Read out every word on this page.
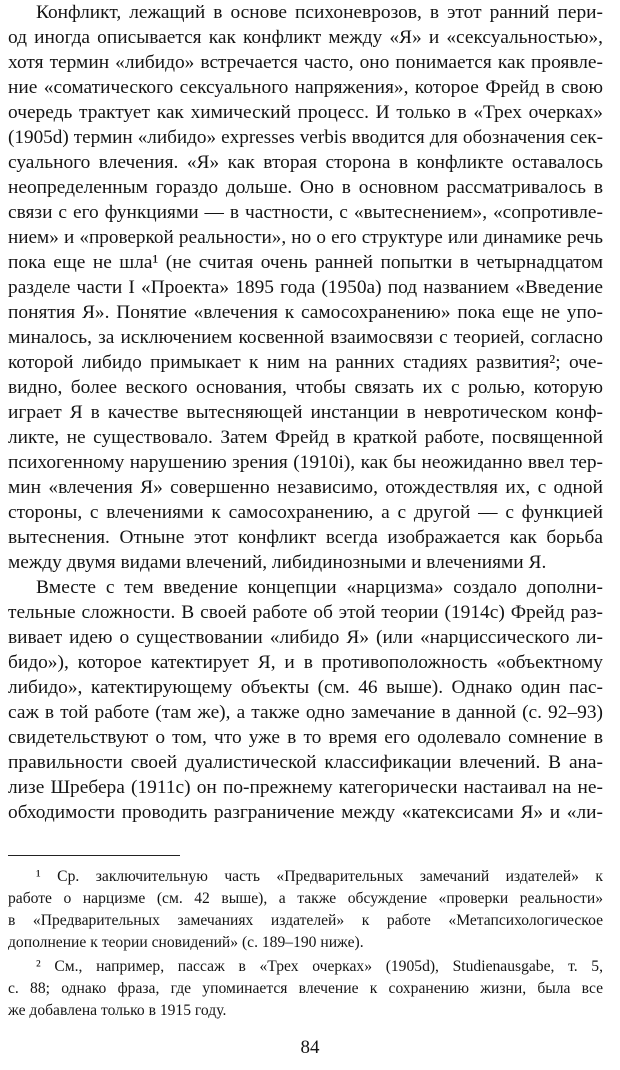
Конфликт, лежащий в основе психоневрозов, в этот ранний пери-
од иногда описывается как конфликт между «Я» и «сексуальностью»,
хотя термин «либидо» встречается часто, оно понимается как проявле-
ние «соматического сексуального напряжения», которое Фрейд в свою
очередь трактует как химический процесс. И только в «Трех очерках»
(1905d) термин «либидо» expresses verbis вводится для обозначения сек-
суального влечения. «Я» как вторая сторона в конфликте оставалось
неопределенным гораздо дольше. Оно в основном рассматривалось в
связи с его функциями — в частности, с «вытеснением», «сопротивле-
нием» и «проверкой реальности», но о его структуре или динамике речь
пока еще не шла¹ (не считая очень ранней попытки в четырнадцатом
разделе части I «Проекта» 1895 года (1950a) под названием «Введение
понятия Я». Понятие «влечения к самосохранению» пока еще не упо-
миналось, за исключением косвенной взаимосвязи с теорией, согласно
которой либидо примыкает к ним на ранних стадиях развития²; оче-
видно, более веского основания, чтобы связать их с ролью, которую
играет Я в качестве вытесняющей инстанции в невротическом конф-
ликте, не существовало. Затем Фрейд в краткой работе, посвященной
психогенному нарушению зрения (1910i), как бы неожиданно ввел тер-
мин «влечения Я» совершенно независимо, отождествляя их, с одной
стороны, с влечениями к самосохранению, а с другой — с функцией
вытеснения. Отныне этот конфликт всегда изображается как борьба
между двумя видами влечений, либидинозными и влечениями Я.
Вместе с тем введение концепции «нарцизма» создало дополни-
тельные сложности. В своей работе об этой теории (1914c) Фрейд раз-
вивает идею о существовании «либидо Я» (или «нарциссического ли-
бидо»), которое катектирует Я, и в противоположность «объектному
либидо», катектирующему объекты (см. 46 выше). Однако один пас-
саж в той работе (там же), а также одно замечание в данной (с. 92–93)
свидетельствуют о том, что уже в то время его одолевало сомнение в
правильности своей дуалистической классификации влечений. В ана-
лизе Шребера (1911c) он по-прежнему категорически настаивал на не-
обходимости проводить разграничение между «катексисами Я» и «ли-
¹ Ср. заключительную часть «Предварительных замечаний издателей» к
работе о нарцизме (см. 42 выше), а также обсуждение «проверки реальности»
в «Предварительных замечаниях издателей» к работе «Метапсихологическое
дополнение к теории сновидений» (с. 189–190 ниже).
² См., например, пассаж в «Трех очерках» (1905d), Studienausgabe, т. 5,
с. 88; однако фраза, где упоминается влечение к сохранению жизни, была все
же добавлена только в 1915 году.
84
